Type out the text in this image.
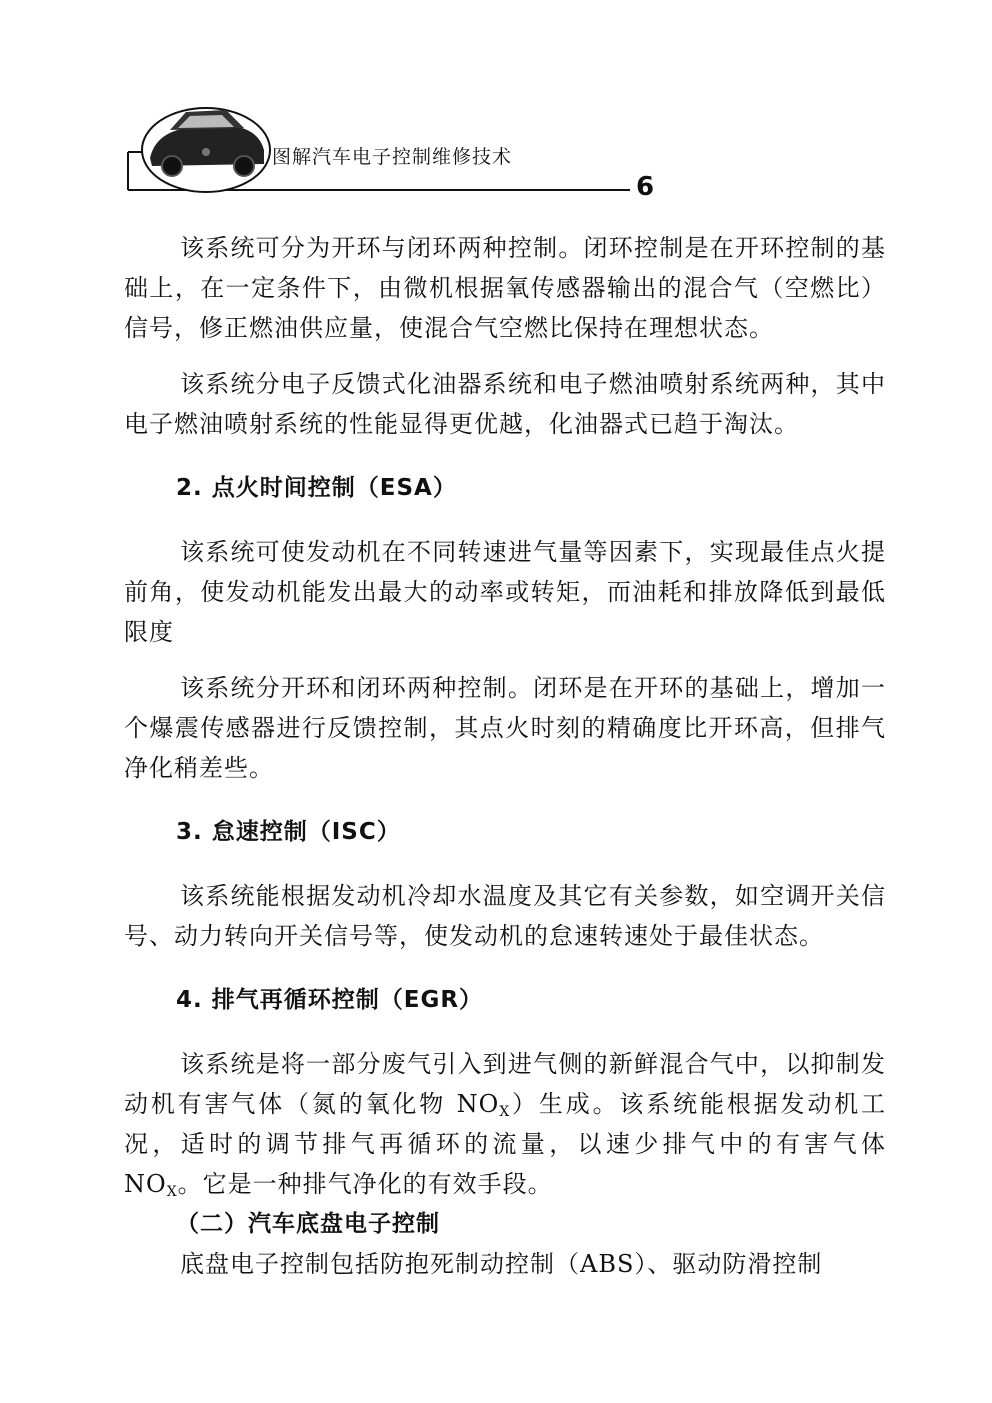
图解汽车电子控制维修技术
6

该系统可分为开环与闭环两种控制。闭环控制是在开环控制的基础上，在一定条件下，由微机根据氧传感器输出的混合气（空燃比）信号，修正燃油供应量，使混合气空燃比保持在理想状态。

该系统分电子反馈式化油器系统和电子燃油喷射系统两种，其中电子燃油喷射系统的性能显得更优越，化油器式已趋于淘汰。

2. 点火时间控制（ESA）

该系统可使发动机在不同转速进气量等因素下，实现最佳点火提前角，使发动机能发出最大的动率或转矩，而油耗和排放降低到最低限度

该系统分开环和闭环两种控制。闭环是在开环的基础上，增加一个爆震传感器进行反馈控制，其点火时刻的精确度比开环高，但排气净化稍差些。

3. 怠速控制（ISC）

该系统能根据发动机冷却水温度及其它有关参数，如空调开关信号、动力转向开关信号等，使发动机的怠速转速处于最佳状态。

4. 排气再循环控制（EGR）

该系统是将一部分废气引入到进气侧的新鲜混合气中，以抑制发动机有害气体（氮的氧化物 $NO_X$）生成。该系统能根据发动机工况，适时的调节排气再循环的流量，以速少排气中的有害气体 $NO_X$。它是一种排气净化的有效手段。

（二）汽车底盘电子控制

底盘电子控制包括防抱死制动控制（ABS）、驱动防滑控制
